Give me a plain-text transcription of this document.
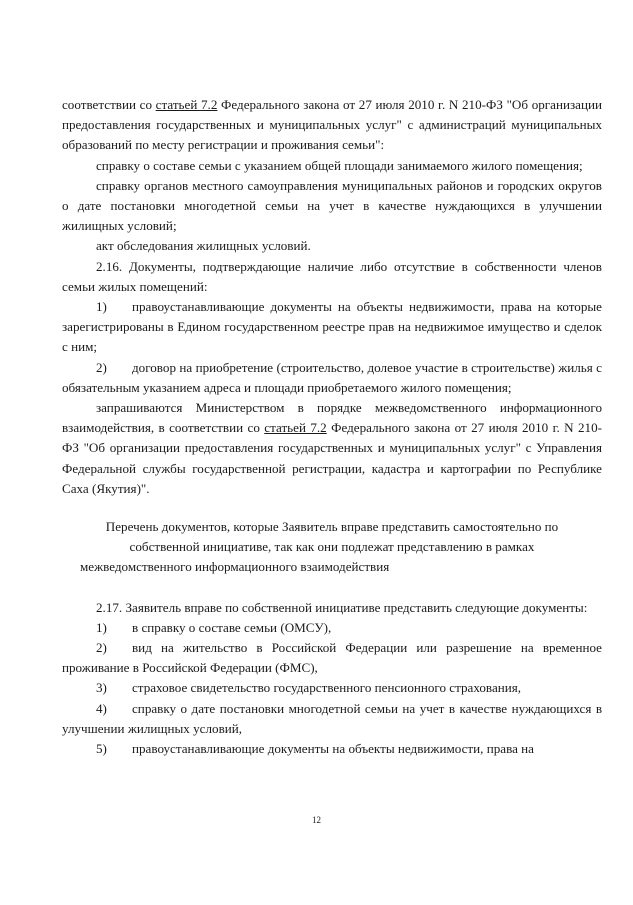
соответствии со статьей 7.2 Федерального закона от 27 июля 2010 г. N 210-ФЗ "Об организации предоставления государственных и муниципальных услуг" с администраций муниципальных образований по месту регистрации и проживания семьи":

справку о составе семьи с указанием общей площади занимаемого жилого помещения;

справку органов местного самоуправления муниципальных районов и городских округов о дате постановки многодетной семьи на учет в качестве нуждающихся в улучшении жилищных условий;

акт обследования жилищных условий.

2.16. Документы, подтверждающие наличие либо отсутствие в собственности членов семьи жилых помещений:

1) правоустанавливающие документы на объекты недвижимости, права на которые зарегистрированы в Едином государственном реестре прав на недвижимое имущество и сделок с ним;

2) договор на приобретение (строительство, долевое участие в строительстве) жилья с обязательным указанием адреса и площади приобретаемого жилого помещения;

запрашиваются Министерством в порядке межведомственного информационного взаимодействия, в соответствии со статьей 7.2 Федерального закона от 27 июля 2010 г. N 210-ФЗ "Об организации предоставления государственных и муниципальных услуг" с Управления Федеральной службы государственной регистрации, кадастра и картографии по Республике Саха (Якутия)".

Перечень документов, которые Заявитель вправе представить самостоятельно по собственной инициативе, так как они подлежат представлению в рамках межведомственного информационного взаимодействия

2.17. Заявитель вправе по собственной инициативе представить следующие документы:

1) в справку о составе семьи (ОМСУ),

2) вид на жительство в Российской Федерации или разрешение на временное проживание в Российской Федерации (ФМС),

3) страховое свидетельство государственного пенсионного страхования,

4) справку о дате постановки многодетной семьи на учет в качестве нуждающихся в улучшении жилищных условий,

5) правоустанавливающие документы на объекты недвижимости, права на

12
